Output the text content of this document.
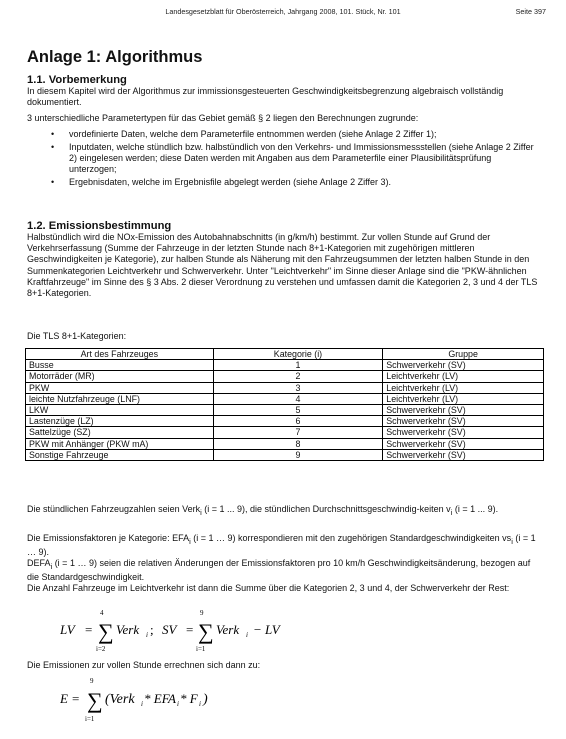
Landesgesetzblatt für Oberösterreich, Jahrgang 2008, 101. Stück, Nr. 101	Seite 397
Anlage 1: Algorithmus
1.1. Vorbemerkung

In diesem Kapitel wird der Algorithmus zur immissionsgesteuerten Geschwindigkeitsbegrenzung algebraisch vollständig dokumentiert.

3 unterschiedliche Parametertypen für das Gebiet gemäß § 2 liegen den Berechnungen zugrunde:

• vordefinierte Daten, welche dem Parameterfile entnommen werden (siehe Anlage 2 Ziffer 1);
• Inputdaten, welche stündlich bzw. halbstündlich von den Verkehrs- und Immissionsmessstellen (siehe Anlage 2 Ziffer 2) eingelesen werden; diese Daten werden mit Angaben aus dem Parameterfile einer Plausibilitätsprüfung unterzogen;
• Ergebnisdaten, welche im Ergebnisfile abgelegt werden (siehe Anlage 2 Ziffer 3).
1.2. Emissionsbestimmung

Halbstündlich wird die NOx-Emission des Autobahnabschnitts (in g/km/h) bestimmt. Zur vollen Stunde auf Grund der Verkehrserfassung (Summe der Fahrzeuge in der letzten Stunde nach 8+1-Kategorien mit zugehörigen mittleren Geschwindigkeiten je Kategorie), zur halben Stunde als Näherung mit den Fahrzeugsummen der letzten halben Stunde in den Summenkategorien Leichtverkehr und Schwerverkehr. Unter "Leichtverkehr" im Sinne dieser Anlage sind die "PKW-ähnlichen Kraftfahrzeuge" im Sinne des § 3 Abs. 2 dieser Verordnung zu verstehen und umfassen damit die Kategorien 2, 3 und 4 der TLS 8+1-Kategorien.

Die TLS 8+1-Kategorien:

Art des Fahrzeuges	Kategorie (i)	Gruppe
Busse	1	Schwerverkehr (SV)
Motorräder (MR)	2	Leichtverkehr (LV)
PKW	3	Leichtverkehr (LV)
leichte Nutzfahrzeuge (LNF)	4	Leichtverkehr (LV)
LKW	5	Schwerverkehr (SV)
Lastenzüge (LZ)	6	Schwerverkehr (SV)
Sattelzüge (SZ)	7	Schwerverkehr (SV)
PKW mit Anhänger (PKW mA)	8	Schwerverkehr (SV)
Sonstige Fahrzeuge	9	Schwerverkehr (SV)

Die stündlichen Fahrzeugzahlen seien Verk$_i$ (i = 1 ... 9), die stündlichen Durchschnittsgeschwindig-keiten $v_i$ (i = 1 ... 9).

Die Emissionsfaktoren je Kategorie: $EFA_i$ (i = 1 … 9) korrespondieren mit den zugehörigen Standardgeschwindigkeiten $vs_i$ (i = 1 … 9).

$DEFA_i$ (i = 1 … 9) seien die relativen Änderungen der Emissionsfaktoren pro 10 km/h Geschwindigkeitsänderung, bezogen auf die Standardgeschwindigkeit.

Die Anzahl Fahrzeuge im Leichtverkehr ist dann die Summe über die Kategorien 2, 3 und 4, der Schwerverkehr der Rest:

LV =
4
∑
i=2
Verk i ; SV =
9
∑
i=1
Verk i − LV

Die Emissionen zur vollen Stunde errechnen sich dann zu:

E =
9
∑
i=1
(Verk i * EFA i * F i )
